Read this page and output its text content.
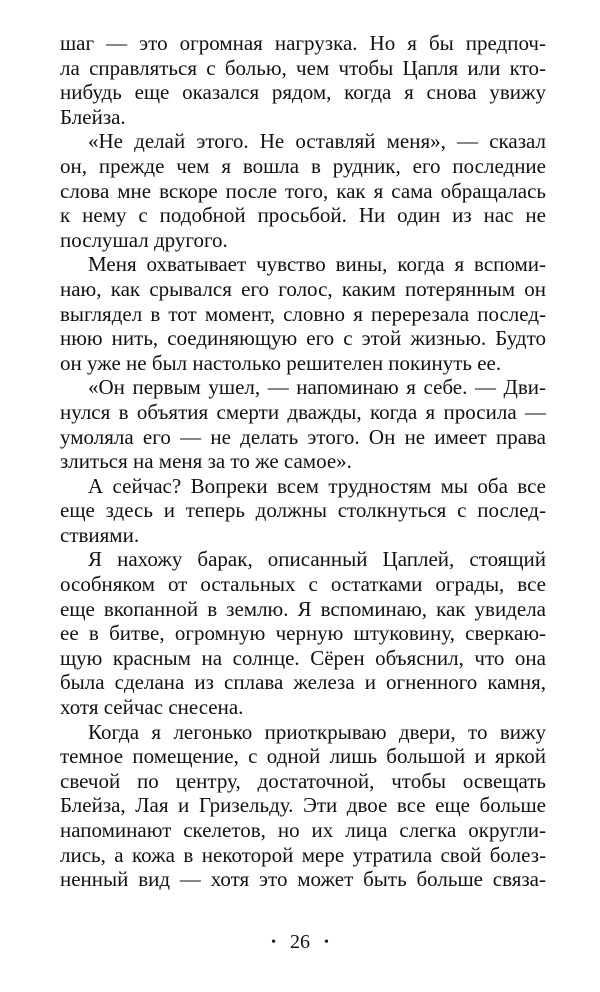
шаг — это огромная нагрузка. Но я бы предпоч-
ла справляться с болью, чем чтобы Цапля или кто-
нибудь еще оказался рядом, когда я снова увижу
Блейза.
«Не делай этого. Не оставляй меня», — сказал
он, прежде чем я вошла в рудник, его последние
слова мне вскоре после того, как я сама обращалась
к нему с подобной просьбой. Ни один из нас не
послушал другого.
Меня охватывает чувство вины, когда я вспоми-
наю, как срывался его голос, каким потерянным он
выглядел в тот момент, словно я перерезала послед-
нюю нить, соединяющую его с этой жизнью. Будто
он уже не был настолько решителен покинуть ее.
«Он первым ушел, — напоминаю я себе. — Дви-
нулся в объятия смерти дважды, когда я просила —
умоляла его — не делать этого. Он не имеет права
злиться на меня за то же самое».
А сейчас? Вопреки всем трудностям мы оба все
еще здесь и теперь должны столкнуться с послед-
ствиями.
Я нахожу барак, описанный Цаплей, стоящий
особняком от остальных с остатками ограды, все
еще вкопанной в землю. Я вспоминаю, как увидела
ее в битве, огромную черную штуковину, сверкаю-
щую красным на солнце. Сёрен объяснил, что она
была сделана из сплава железа и огненного камня,
хотя сейчас снесена.
Когда я легонько приоткрываю двери, то вижу
темное помещение, с одной лишь большой и яркой
свечой по центру, достаточной, чтобы освещать
Блейза, Лая и Гризельду. Эти двое все еще больше
напоминают скелетов, но их лица слегка округли-
лись, а кожа в некоторой мере утратила свой болез-
ненный вид — хотя это может быть больше связа-
• 26 •
